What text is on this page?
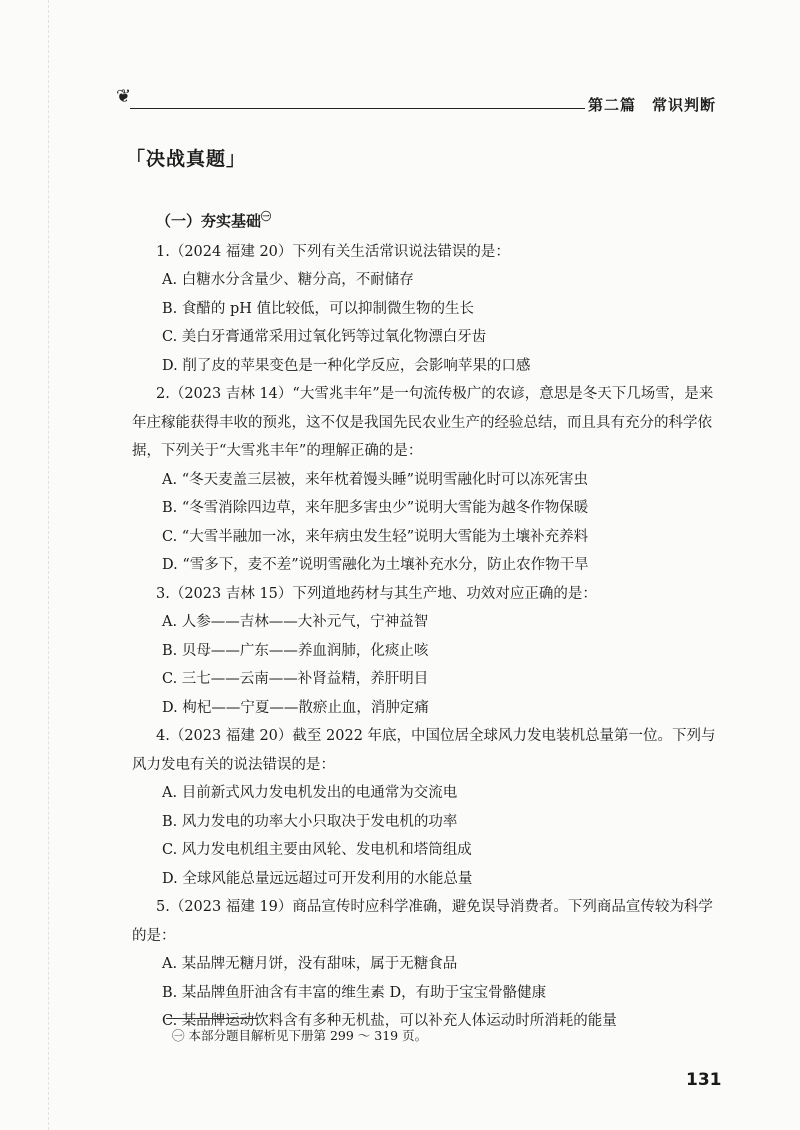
❦	第二篇　常识判断
「决战真题」
（一）夯实基础$^㊀$

1.（2024 福建 20）下列有关生活常识说法错误的是：

A. 白糖水分含量少、糖分高，不耐储存

B. 食醋的 pH 值比较低，可以抑制微生物的生长

C. 美白牙膏通常采用过氧化钙等过氧化物漂白牙齿

D. 削了皮的苹果变色是一种化学反应，会影响苹果的口感

2.（2023 吉林 14）“大雪兆丰年”是一句流传极广的农谚，意思是冬天下几场雪，是来年庄稼能获得丰收的预兆，这不仅是我国先民农业生产的经验总结，而且具有充分的科学依据，下列关于“大雪兆丰年”的理解正确的是：

A. “冬天麦盖三层被，来年枕着馒头睡”说明雪融化时可以冻死害虫

B. “冬雪消除四边草，来年肥多害虫少”说明大雪能为越冬作物保暖

C. “大雪半融加一冰，来年病虫发生轻”说明大雪能为土壤补充养料

D. “雪多下，麦不差”说明雪融化为土壤补充水分，防止农作物干旱

3.（2023 吉林 15）下列道地药材与其生产地、功效对应正确的是：

A. 人参——吉林——大补元气，宁神益智

B. 贝母——广东——养血润肺，化痰止咳

C. 三七——云南——补肾益精，养肝明目

D. 枸杞——宁夏——散瘀止血，消肿定痛

4.（2023 福建 20）截至 2022 年底，中国位居全球风力发电装机总量第一位。下列与风力发电有关的说法错误的是：

A. 目前新式风力发电机发出的电通常为交流电

B. 风力发电的功率大小只取决于发电机的功率

C. 风力发电机组主要由风轮、发电机和塔筒组成

D. 全球风能总量远远超过可开发利用的水能总量

5.（2023 福建 19）商品宣传时应科学准确，避免误导消费者。下列商品宣传较为科学的是：

A. 某品牌无糖月饼，没有甜味，属于无糖食品

B. 某品牌鱼肝油含有丰富的维生素 D，有助于宝宝骨骼健康

C. 某品牌运动饮料含有多种无机盐，可以补充人体运动时所消耗的能量

㊀ 本部分题目解析见下册第 299 ～ 319 页。
131
